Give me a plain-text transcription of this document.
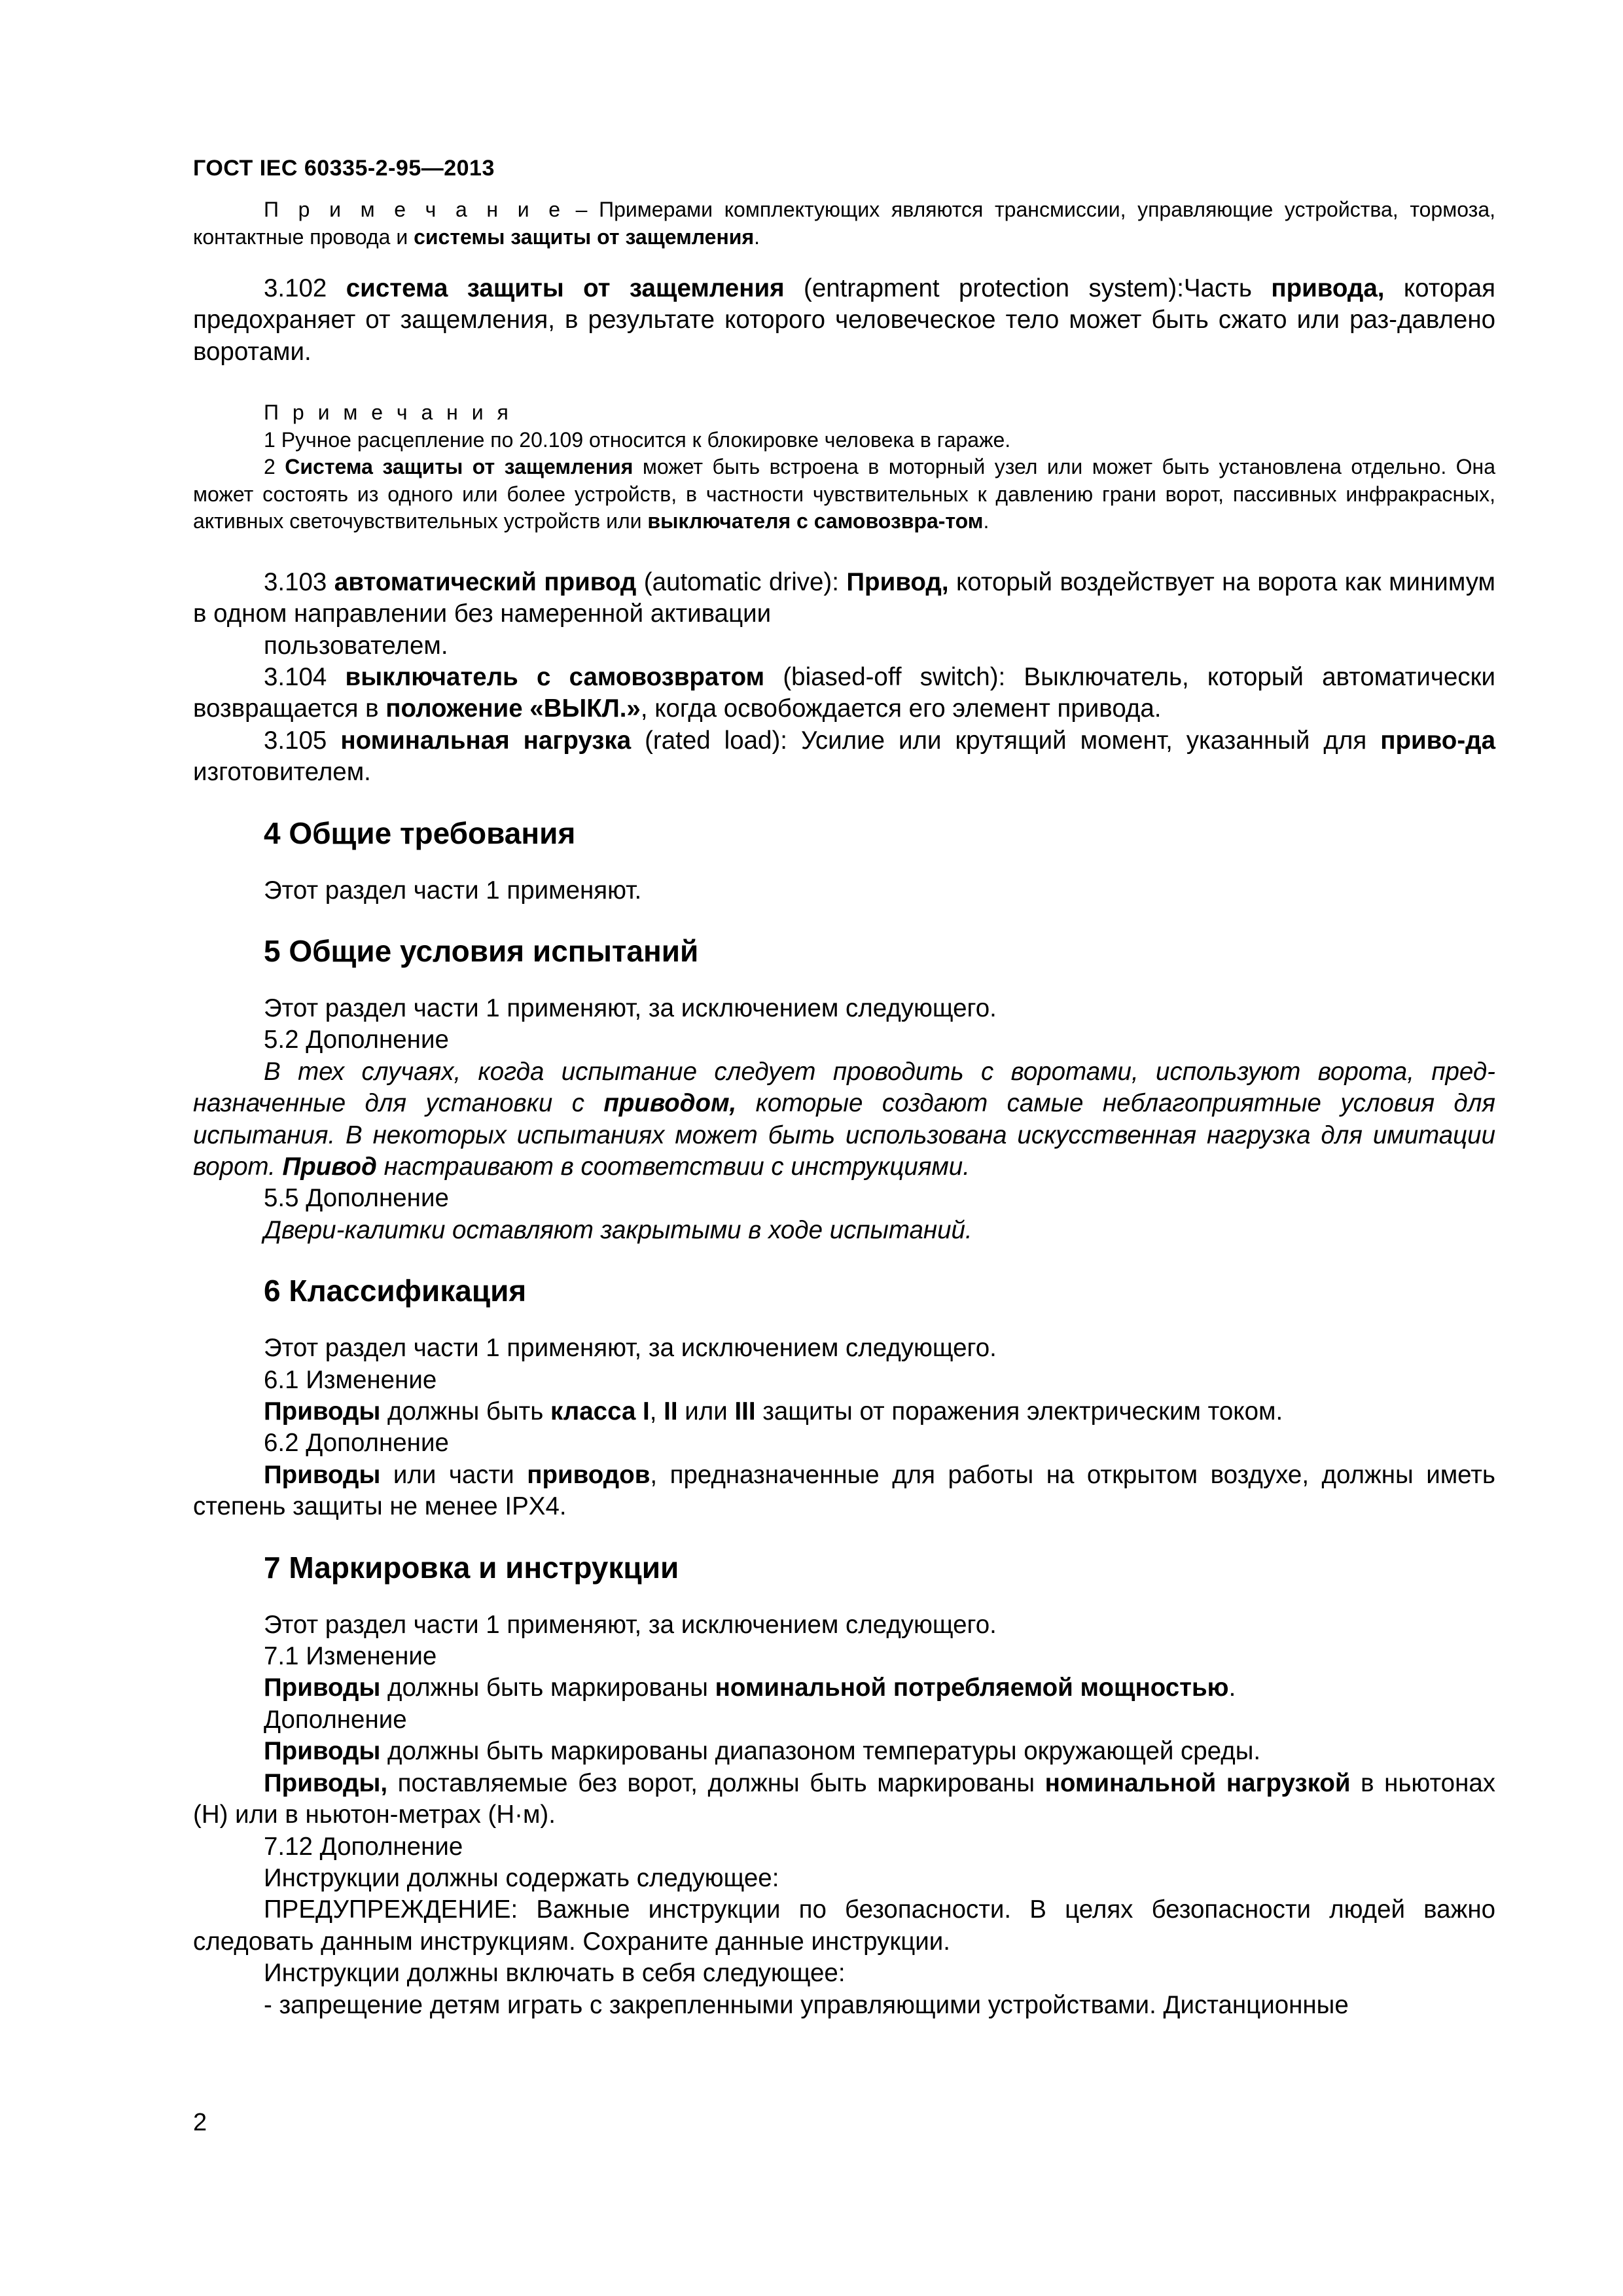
ГОСТ IEC 60335-2-95—2013

П р и м е ч а н и е – Примерами комплектующих являются трансмиссии, управляющие устройства, тормоза, контактные провода и системы защиты от защемления.

3.102 система защиты от защемления (entrapment protection system):Часть привода, которая предохраняет от защемления, в результате которого человеческое тело может быть сжато или раз-давлено воротами.

П р и м е ч а н и я

1 Ручное расцепление по 20.109 относится к блокировке человека в гараже.

2 Система защиты от защемления может быть встроена в моторный узел или может быть установлена отдельно. Она может состоять из одного или более устройств, в частности чувствительных к давлению грани ворот, пассивных инфракрасных, активных светочувствительных устройств или выключателя с самовозвра-том.

3.103 автоматический привод (automatic drive): Привод, который воздействует на ворота как минимум в одном направлении без намеренной активации

пользователем.

3.104 выключатель с самовозвратом (biased-off switch): Выключатель, который автоматически возвращается в положение «ВЫКЛ.», когда освобождается его элемент привода.

3.105 номинальная нагрузка (rated load): Усилие или крутящий момент, указанный для приво-да изготовителем.

4 Общие требования

Этот раздел части 1 применяют.

5 Общие условия испытаний

Этот раздел части 1 применяют, за исключением следующего.

5.2 Дополнение

В тех случаях, когда испытание следует проводить с воротами, используют ворота, пред-назначенные для установки с приводом, которые создают самые неблагоприятные условия для испытания. В некоторых испытаниях может быть использована искусственная нагрузка для имитации ворот. Привод настраивают в соответствии с инструкциями.

5.5 Дополнение

Двери-калитки оставляют закрытыми в ходе испытаний.

6 Классификация

Этот раздел части 1 применяют, за исключением следующего.

6.1 Изменение

Приводы должны быть класса I, II или III защиты от поражения электрическим током.

6.2 Дополнение

Приводы или части приводов, предназначенные для работы на открытом воздухе, должны иметь степень защиты не менее IPX4.

7 Маркировка и инструкции

Этот раздел части 1 применяют, за исключением следующего.

7.1 Изменение

Приводы должны быть маркированы номинальной потребляемой мощностью.

Дополнение

Приводы должны быть маркированы диапазоном температуры окружающей среды.

Приводы, поставляемые без ворот, должны быть маркированы номинальной нагрузкой в ньютонах (Н) или в ньютон-метрах (Н·м).

7.12 Дополнение

Инструкции должны содержать следующее:

ПРЕДУПРЕЖДЕНИЕ: Важные инструкции по безопасности. В целях безопасности людей важно следовать данным инструкциям. Сохраните данные инструкции.

Инструкции должны включать в себя следующее:

- запрещение детям играть с закрепленными управляющими устройствами. Дистанционные

2
